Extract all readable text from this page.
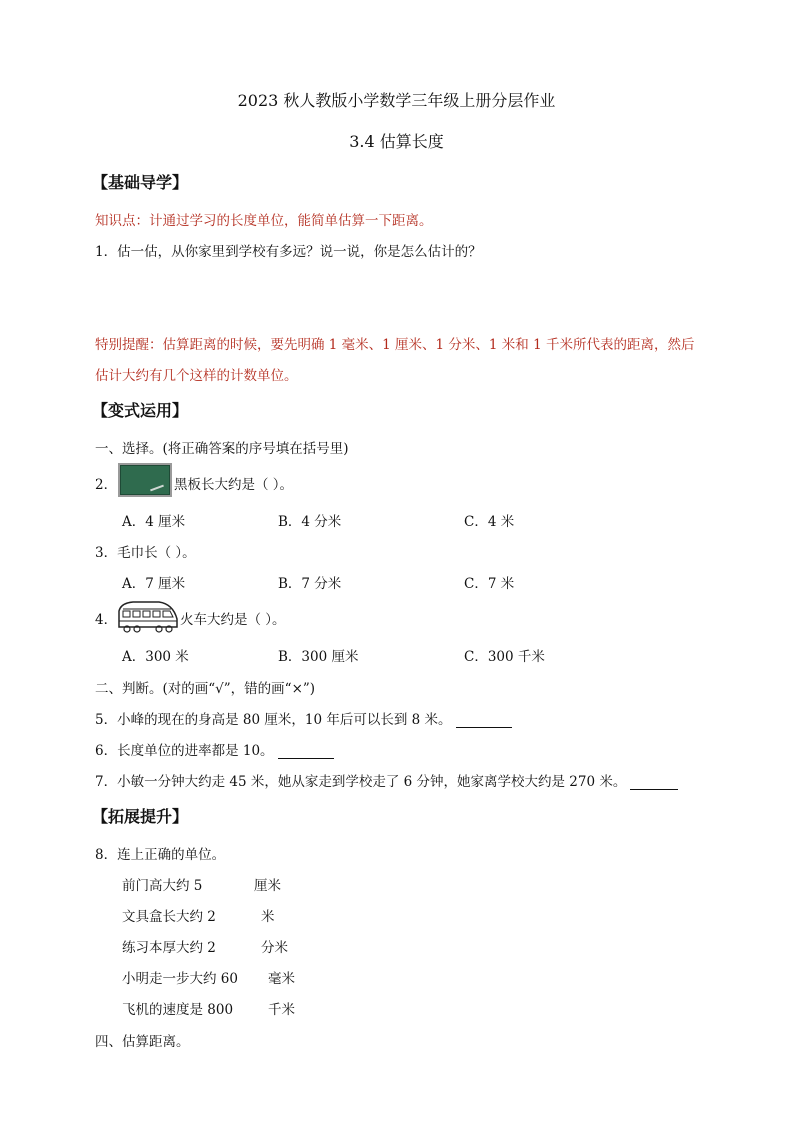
2023 秋人教版小学数学三年级上册分层作业
3.4 估算长度
【基础导学】
知识点：计通过学习的长度单位，能简单估算一下距离。
1．估一估，从你家里到学校有多远？说一说，你是怎么估计的？
特别提醒：估算距离的时候，要先明确 1 毫米、1 厘米、1 分米、1 米和 1 千米所代表的距离，然后
估计大约有几个这样的计数单位。
【变式运用】
一、选择。(将正确答案的序号填在括号里)
2．	黑板长大约是（ ）。
A．4 厘米	B．4 分米	C．4 米
3．毛巾长（ ）。
A．7 厘米	B．7 分米	C．7 米
4．	火车大约是（ ）。
A．300 米	B．300 厘米	C．300 千米
二、判断。(对的画“√”，错的画“×”)
5．小峰的现在的身高是 80 厘米，10 年后可以长到 8 米。
6．长度单位的进率都是 10。
7．小敏一分钟大约走 45 米，她从家走到学校走了 6 分钟，她家离学校大约是 270 米。
【拓展提升】
8．连上正确的单位。
前门高大约 5	厘米
文具盒长大约 2	米
练习本厚大约 2	分米
小明走一步大约 60 毫米
飞机的速度是 800	千米
四、估算距离。
